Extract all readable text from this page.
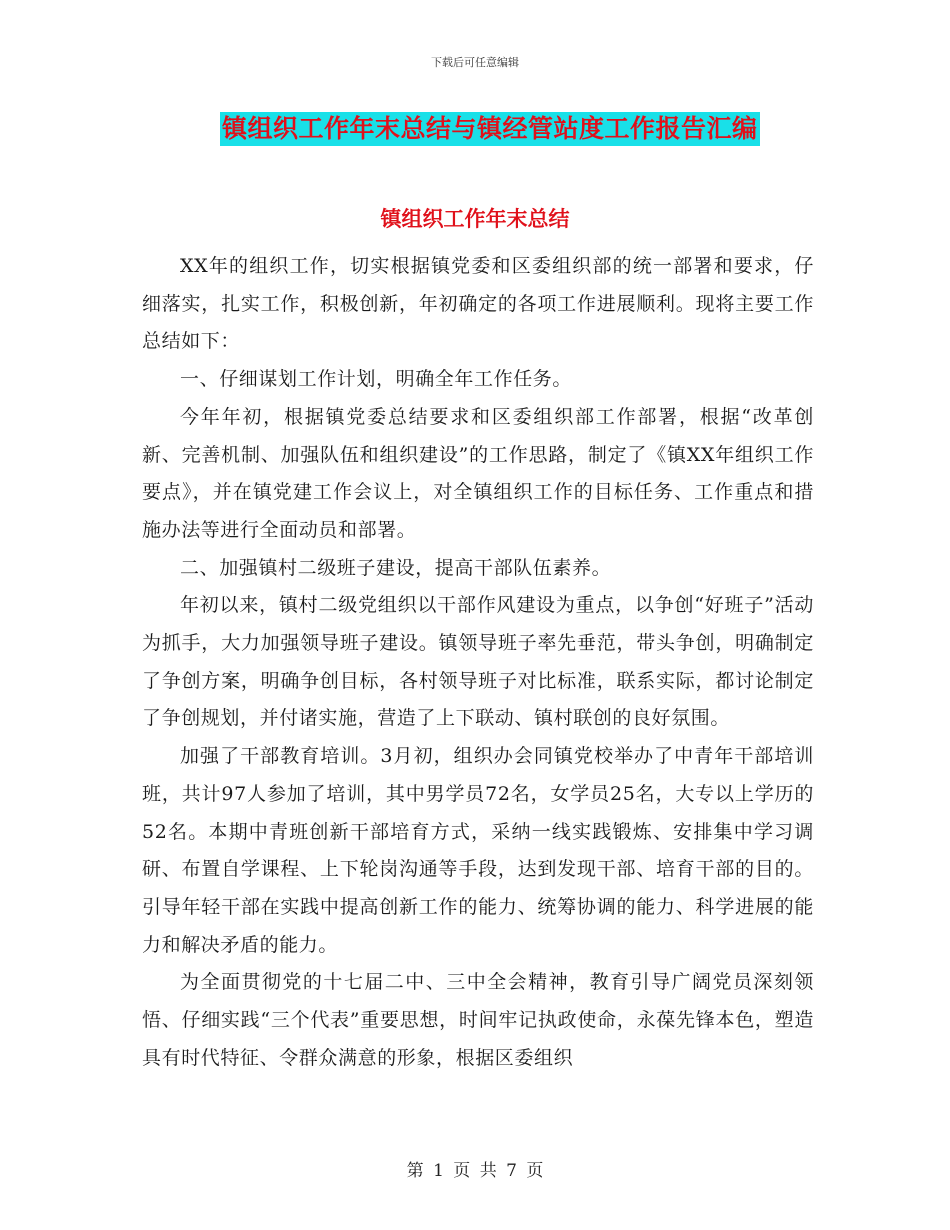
下载后可任意编辑
镇组织工作年末总结与镇经管站度工作报告汇编
镇组织工作年末总结

XX年的组织工作，切实根据镇党委和区委组织部的统一部署和要求，仔细落实，扎实工作，积极创新，年初确定的各项工作进展顺利。现将主要工作总结如下：

一、仔细谋划工作计划，明确全年工作任务。

今年年初，根据镇党委总结要求和区委组织部工作部署，根据“改革创新、完善机制、加强队伍和组织建设”的工作思路，制定了《镇XX年组织工作要点》，并在镇党建工作会议上，对全镇组织工作的目标任务、工作重点和措施办法等进行全面动员和部署。

二、加强镇村二级班子建设，提高干部队伍素养。

年初以来，镇村二级党组织以干部作风建设为重点，以争创“好班子”活动为抓手，大力加强领导班子建设。镇领导班子率先垂范，带头争创，明确制定了争创方案，明确争创目标，各村领导班子对比标准，联系实际，都讨论制定了争创规划，并付诸实施，营造了上下联动、镇村联创的良好氛围。

加强了干部教育培训。3月初，组织办会同镇党校举办了中青年干部培训班，共计97人参加了培训，其中男学员72名，女学员25名，大专以上学历的52名。本期中青班创新干部培育方式，采纳一线实践锻炼、安排集中学习调研、布置自学课程、上下轮岗沟通等手段，达到发现干部、培育干部的目的。引导年轻干部在实践中提高创新工作的能力、统筹协调的能力、科学进展的能力和解决矛盾的能力。

为全面贯彻党的十七届二中、三中全会精神，教育引导广阔党员深刻领悟、仔细实践“三个代表”重要思想，时间牢记执政使命，永葆先锋本色，塑造具有时代特征、令群众满意的形象，根据区委组织

第 1 页 共 7 页
